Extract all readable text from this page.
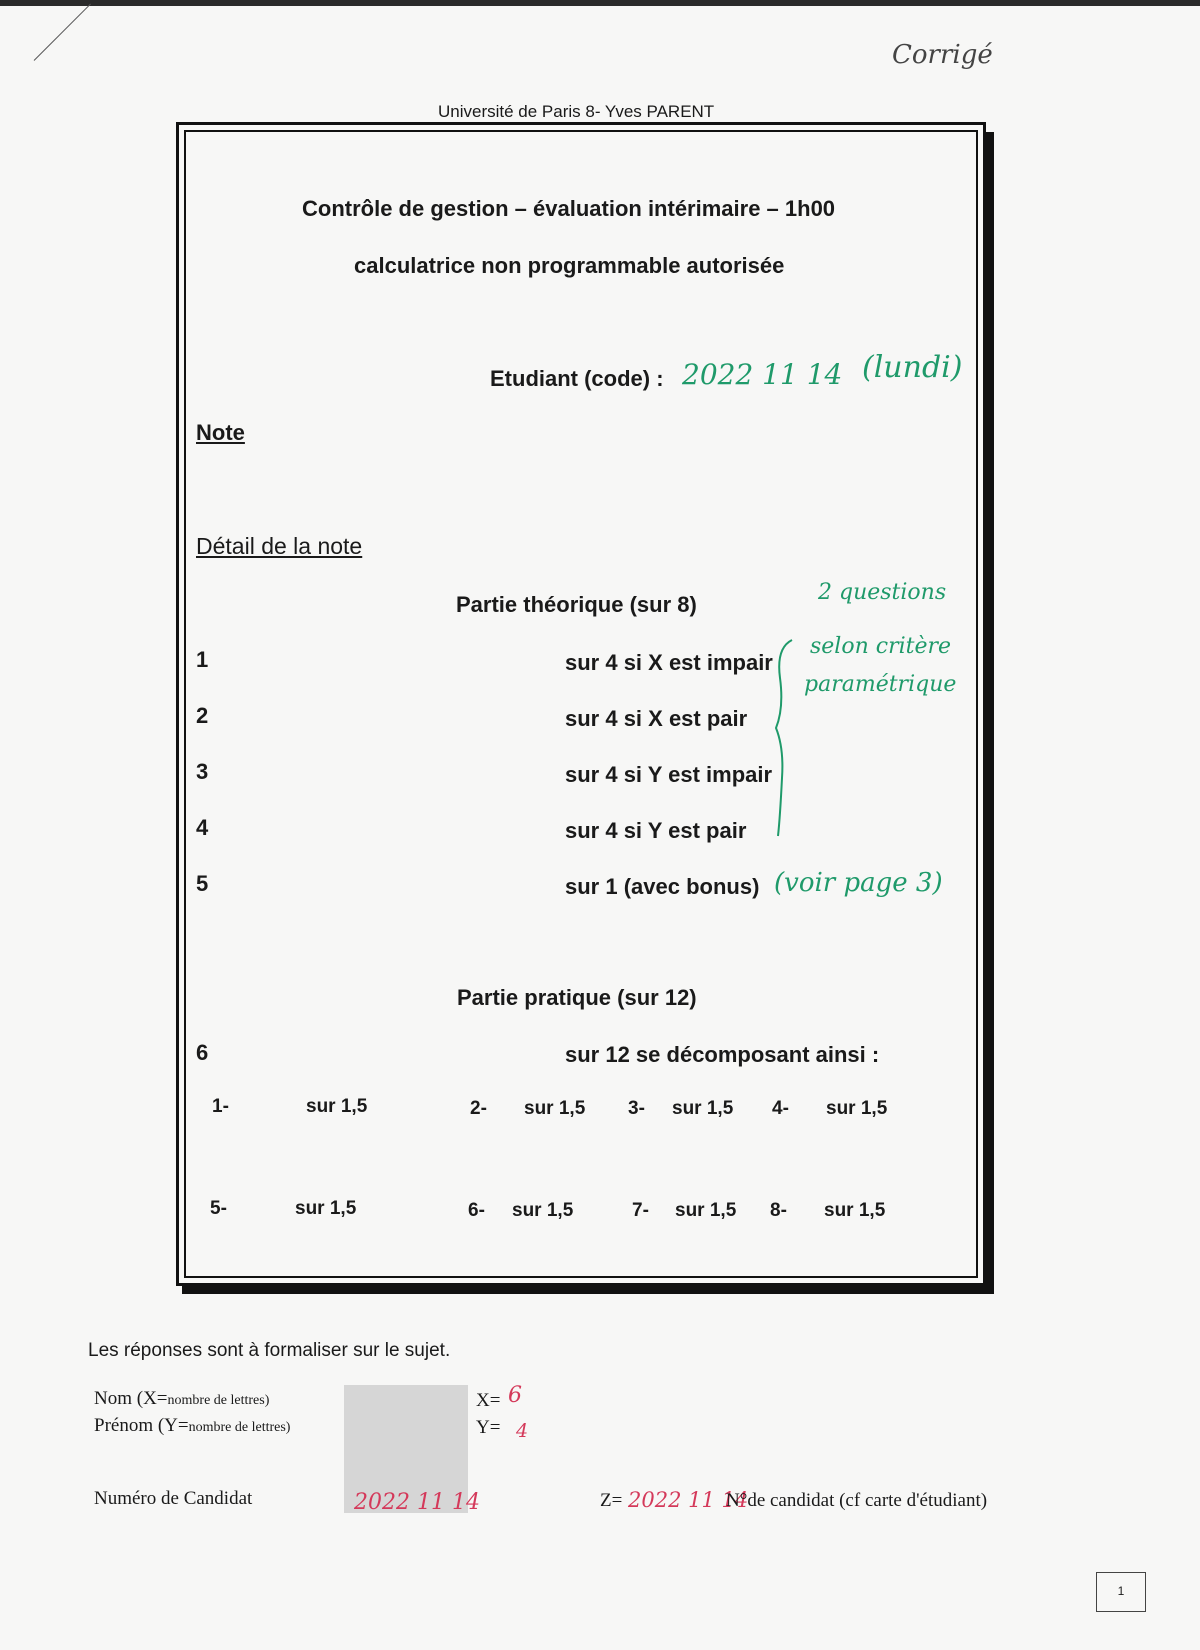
Corrigé
Université de Paris 8- Yves PARENT
Contrôle de gestion – évaluation intérimaire – 1h00
calculatrice non programmable autorisée
Etudiant (code) : 2022 11 14 (lundi)
Note
Détail de la note
Partie théorique (sur 8)	2 questions
selon critère
paramétrique
1	sur 4 si X est impair
2	sur 4 si X est pair
3	sur 4 si Y est impair
4	sur 4 si Y est pair
5	sur 1 (avec bonus) (voir page 3)
Partie pratique (sur 12)
6	sur 12 se décomposant ainsi :
1-	sur 1,5	2- sur 1,5 3- sur 1,5 4- sur 1,5
5-	sur 1,5	6- sur 1,5	7- sur 1,5 8- sur 1,5
Les réponses sont à formaliser sur le sujet.
Nom (X=nombre de lettres)
Prénom (Y=nombre de lettres)
X= 6
Y= 4
Numéro de Candidat	2022 11 14	Z= 2022 11 14
N°de candidat (cf carte d'étudiant)
1
